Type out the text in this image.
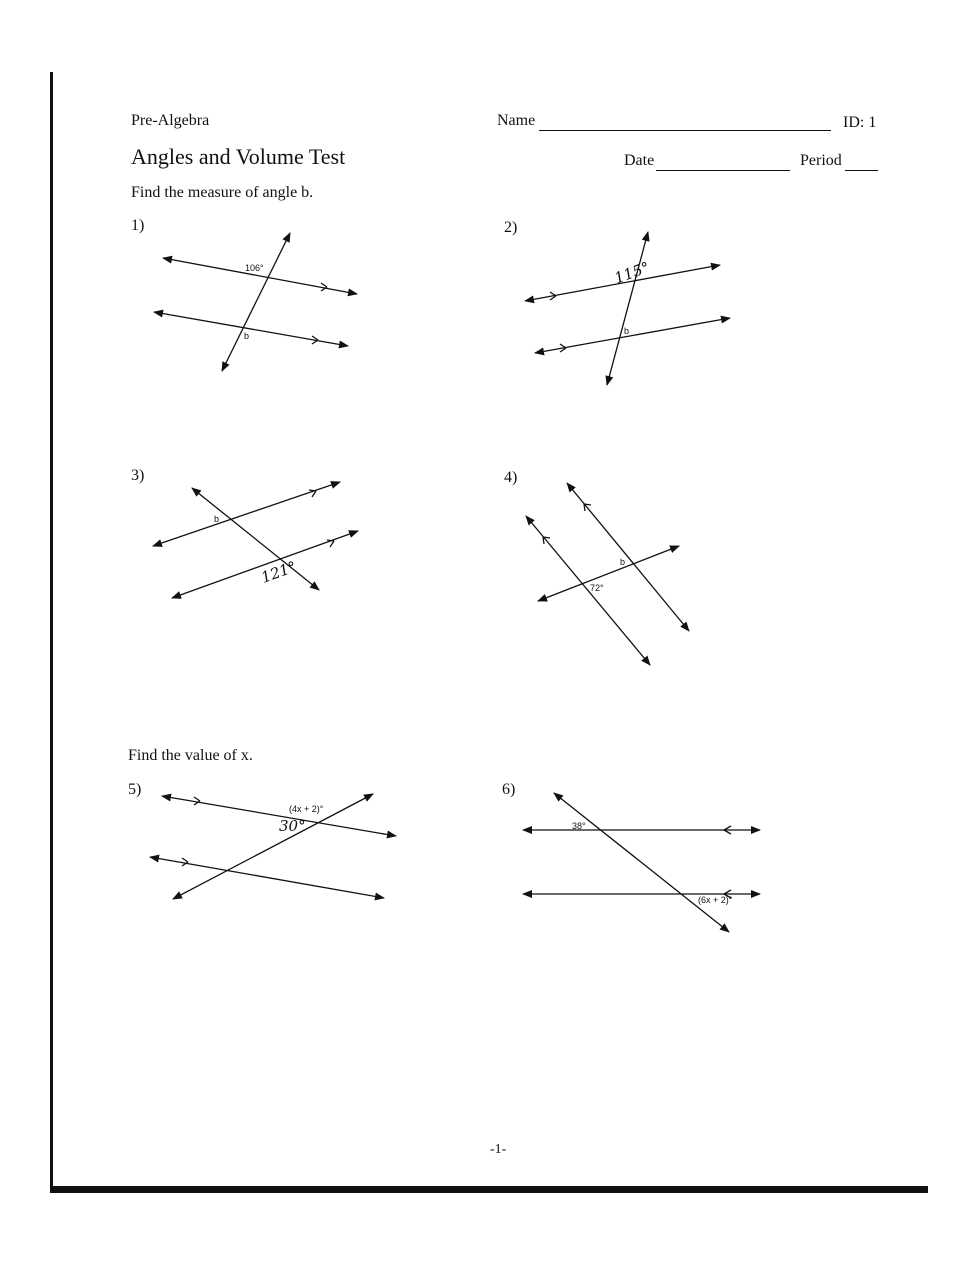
Pre-Algebra
Angles and Volume Test
Name	ID: 1
Date	Period
Find the measure of angle b.
Find the value of x.
1)	2)
3)	4)
5)	6)
106°
b
115°
b
b
121°	b
72°
(4x + 2)°
30°	38°
(6x + 2)°
-1-
